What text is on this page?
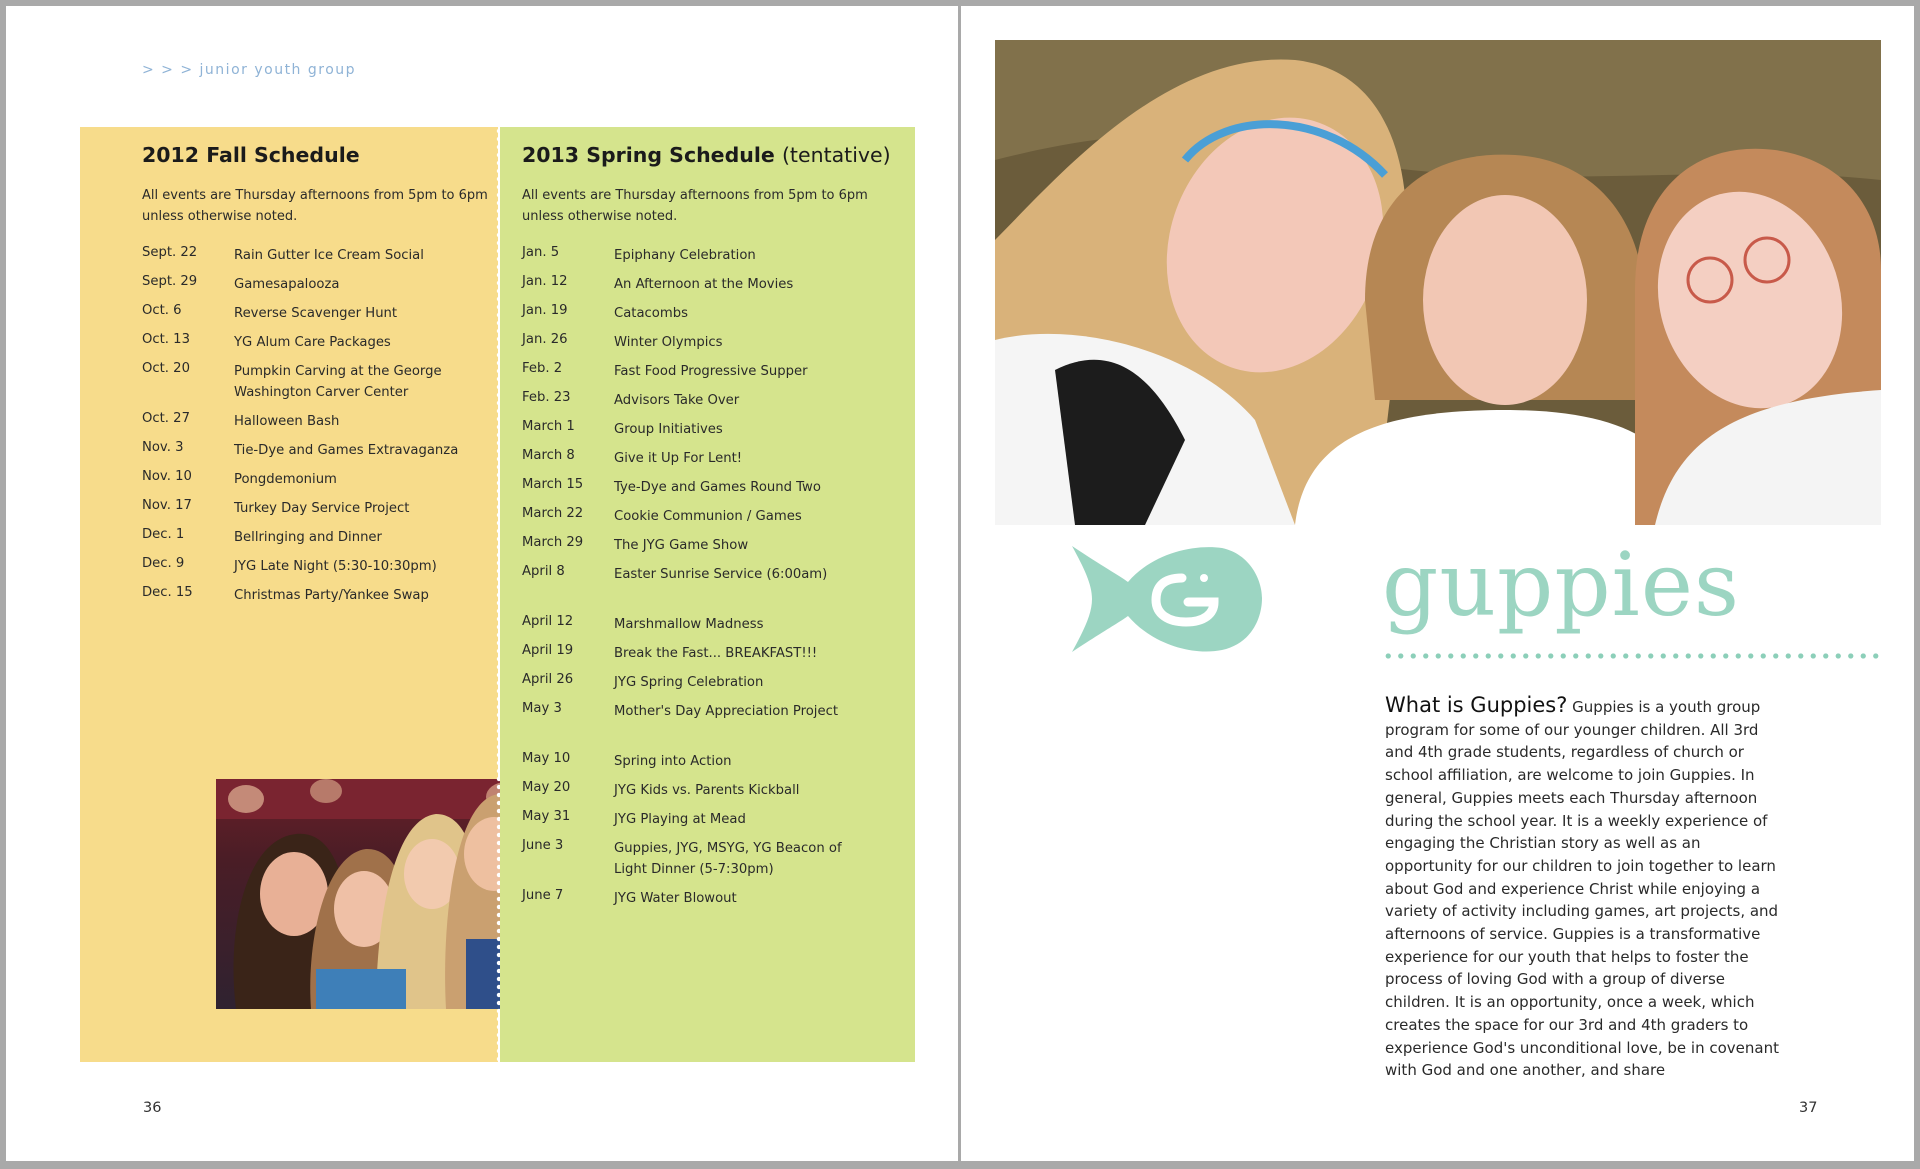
> > > junior youth group
2012 Fall Schedule

All events are Thursday afternoons from 5pm to 6pm unless otherwise noted.

Sept. 22	Rain Gutter Ice Cream Social
Sept. 29	Gamesapalooza
Oct. 6	Reverse Scavenger Hunt
Oct. 13	YG Alum Care Packages
Oct. 20	Pumpkin Carving at the George Washington Carver Center
Oct. 27	Halloween Bash
Nov. 3	Tie-Dye and Games Extravaganza
Nov. 10	Pongdemonium
Nov. 17	Turkey Day Service Project
Dec. 1	Bellringing and Dinner
Dec. 9	JYG Late Night (5:30-10:30pm)
Dec. 15	Christmas Party/Yankee Swap
2013 Spring Schedule (tentative)

All events are Thursday afternoons from 5pm to 6pm unless otherwise noted.

Jan. 5	Epiphany Celebration
Jan. 12	An Afternoon at the Movies
Jan. 19	Catacombs
Jan. 26	Winter Olympics
Feb. 2	Fast Food Progressive Supper
Feb. 23	Advisors Take Over
March 1	Group Initiatives
March 8	Give it Up For Lent!
March 15 Tye-Dye and Games Round Two
March 22 Cookie Communion / Games
March 29 The JYG Game Show
April 8	Easter Sunrise Service (6:00am)
April 12	Marshmallow Madness
April 19	Break the Fast... BREAKFAST!!!
April 26	JYG Spring Celebration
May 3	Mother's Day Appreciation Project
May 10	Spring into Action
May 20	JYG Kids vs. Parents Kickball
May 31	JYG Playing at Mead
June 3	Guppies, JYG, MSYG, YG Beacon of Light Dinner (5-7:30pm)
June 7	JYG Water Blowout
36	37
guppies
What is Guppies? Guppies is a youth group program for some of our younger children. All 3rd and 4th grade students, regardless of church or school affiliation, are welcome to join Guppies. In general, Guppies meets each Thursday afternoon during the school year. It is a weekly experience of engaging the Christian story as well as an opportunity for our children to join together to learn about God and experience Christ while enjoying a variety of activity including games, art projects, and afternoons of service. Guppies is a transformative experience for our youth that helps to foster the process of loving God with a group of diverse children. It is an opportunity, once a week, which creates the space for our 3rd and 4th graders to experience God's unconditional love, be in covenant with God and one another, and share
